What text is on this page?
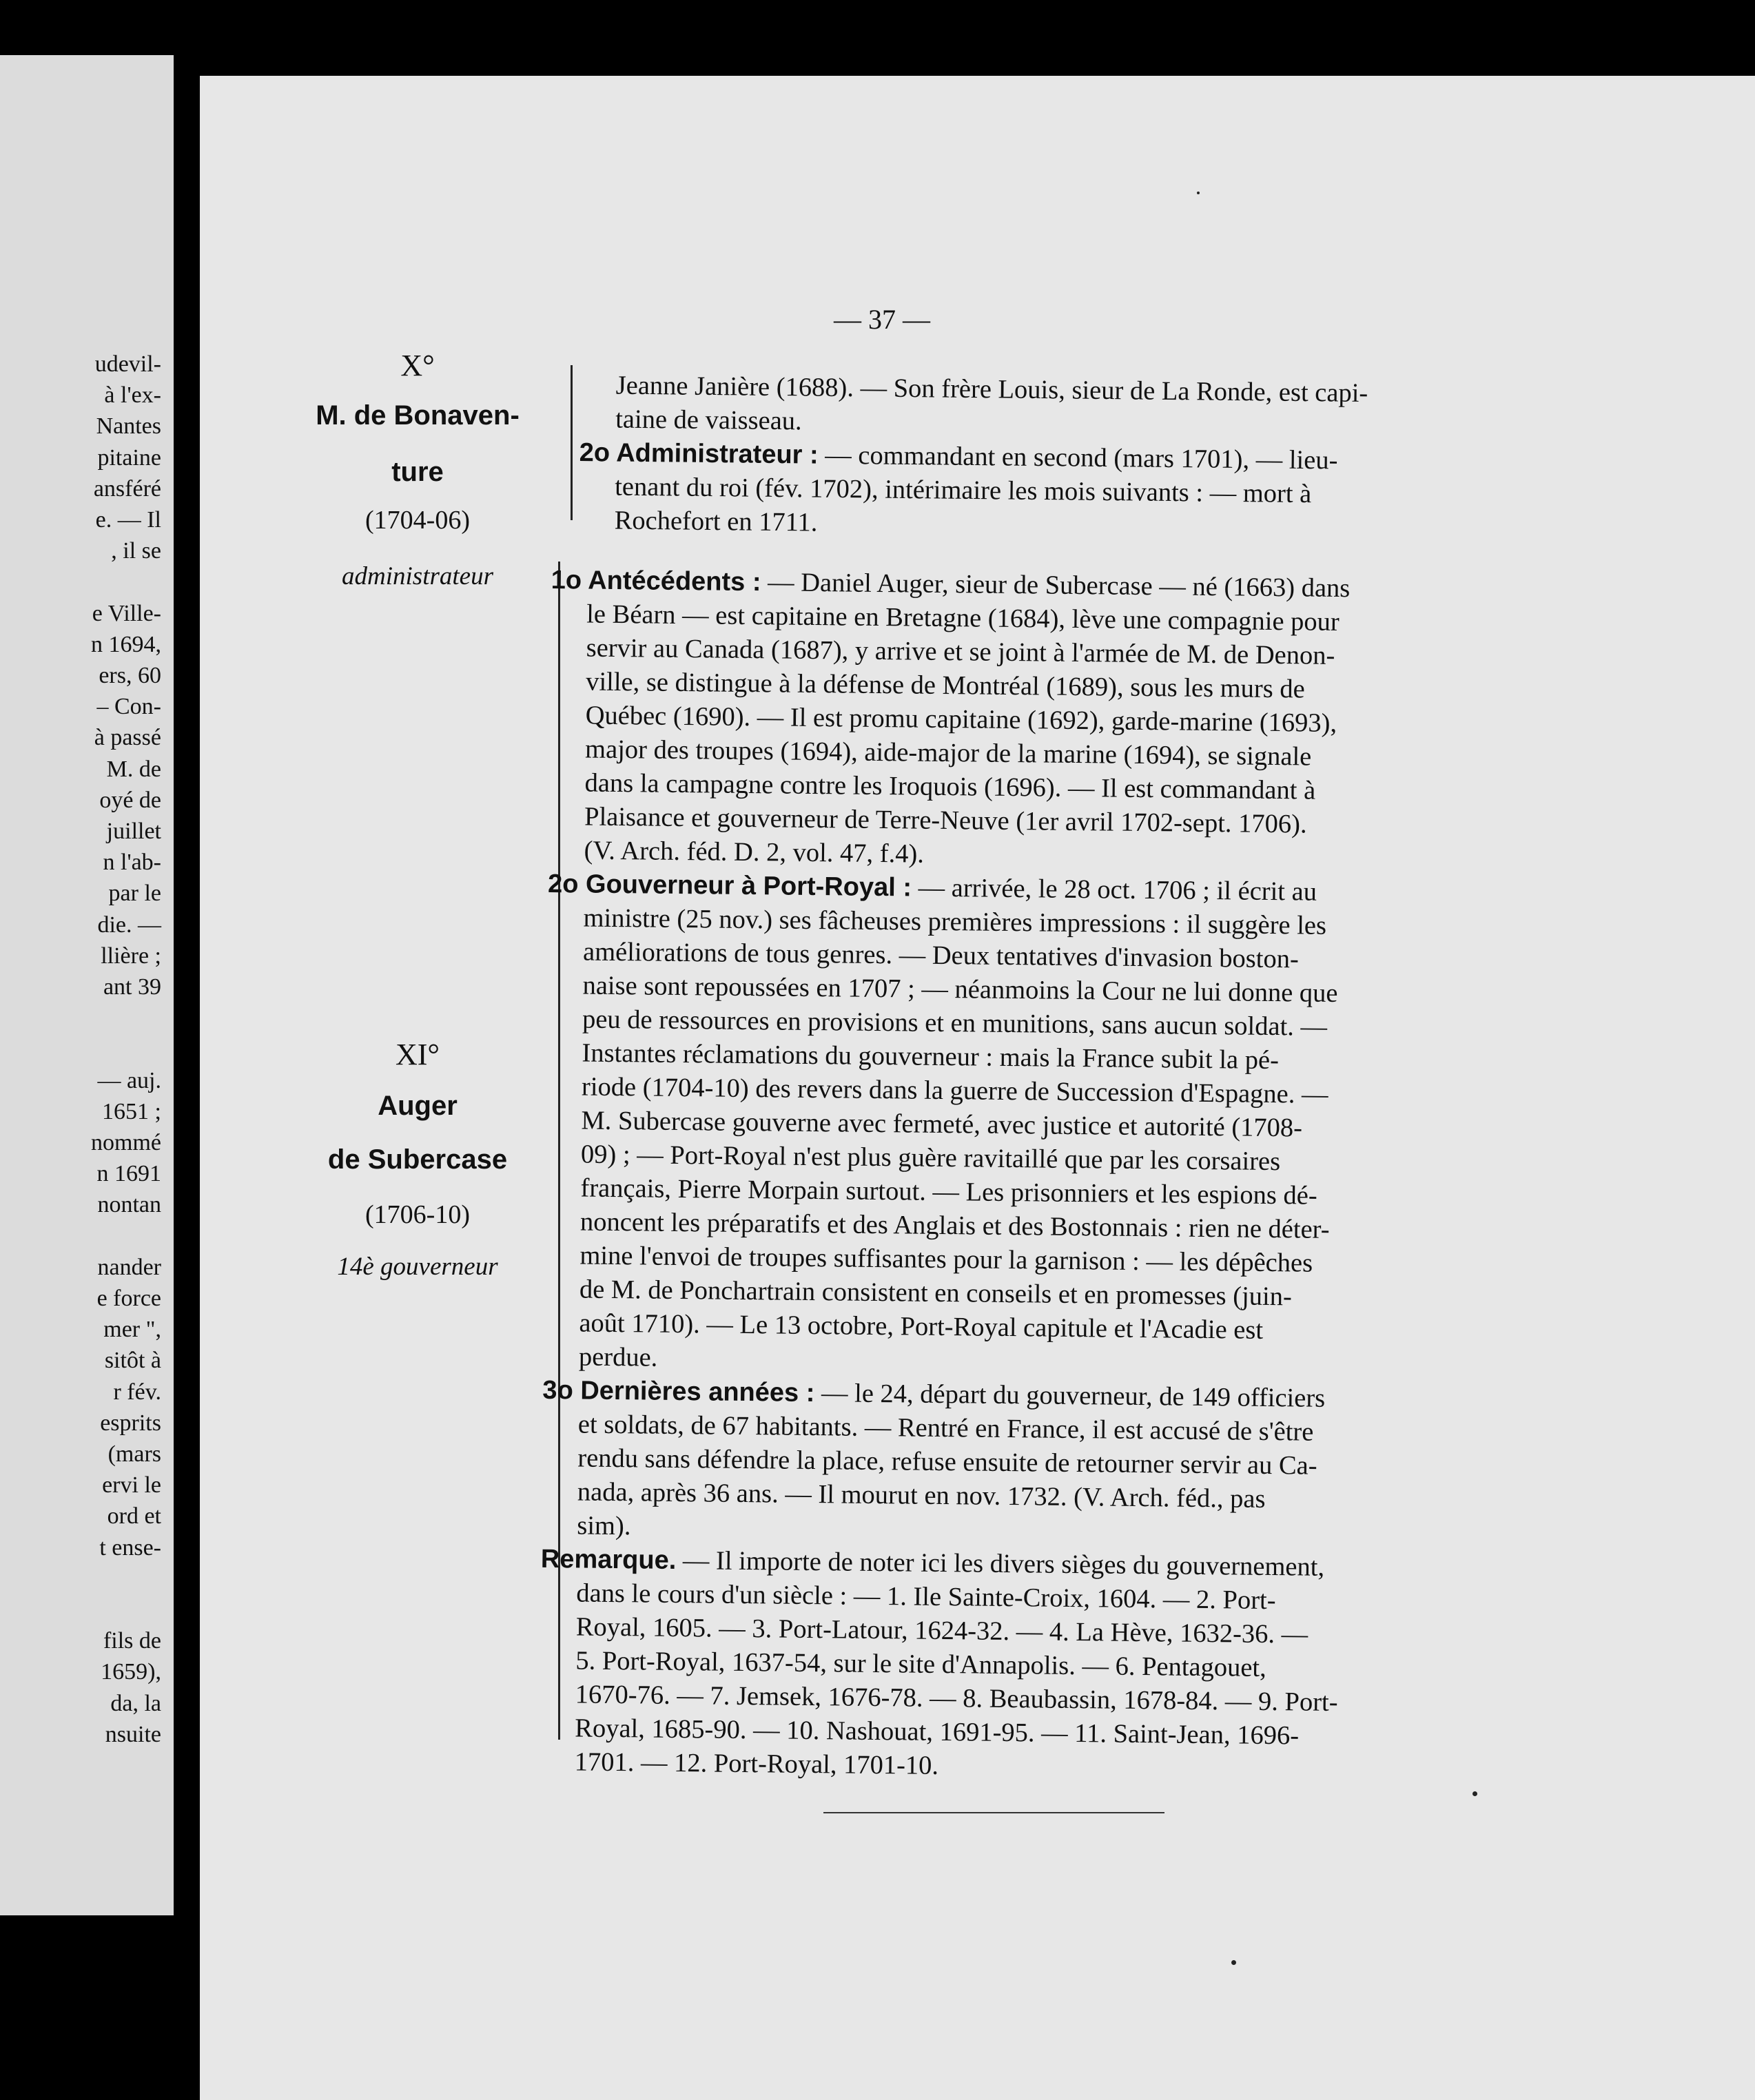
udevil-
à l'ex-
Nantes
pitaine
ansféré
e. — Il
, il se
e Ville-
n 1694,
ers, 60
– Con-
à passé
M. de
oyé de
juillet
n l'ab-
par le
die. —
llière ;
ant 39
— auj.
1651 ;
nommé
n 1691
nontan
nander
e force
mer ",
sitôt à
r fév.
esprits
(mars
ervi le
ord et
t ense-
fils de
1659),
da, la
nsuite
— 37 —
X°
M. de Bonaven-
ture
(1704-06)
administrateur
XI°
Auger
de Subercase
(1706-10)
14è gouverneur
Jeanne Janière (1688). — Son frère Louis, sieur de La Ronde, est capi-
taine de vaisseau.
2o Administrateur : — commandant en second (mars 1701), — lieu-
tenant du roi (fév. 1702), intérimaire les mois suivants : — mort à
Rochefort en 1711.
1o Antécédents : — Daniel Auger, sieur de Subercase — né (1663) dans
le Béarn — est capitaine en Bretagne (1684), lève une compagnie pour
servir au Canada (1687), y arrive et se joint à l'armée de M. de Denon-
ville, se distingue à la défense de Montréal (1689), sous les murs de
Québec (1690). — Il est promu capitaine (1692), garde-marine (1693),
major des troupes (1694), aide-major de la marine (1694), se signale
dans la campagne contre les Iroquois (1696). — Il est commandant à
Plaisance et gouverneur de Terre-Neuve (1er avril 1702-sept. 1706).
(V. Arch. féd. D. 2, vol. 47, f.4).
2o Gouverneur à Port-Royal : — arrivée, le 28 oct. 1706 ; il écrit au
ministre (25 nov.) ses fâcheuses premières impressions : il suggère les
améliorations de tous genres. — Deux tentatives d'invasion boston-
naise sont repoussées en 1707 ; — néanmoins la Cour ne lui donne que
peu de ressources en provisions et en munitions, sans aucun soldat. —
Instantes réclamations du gouverneur : mais la France subit la pé-
riode (1704-10) des revers dans la guerre de Succession d'Espagne. —
M. Subercase gouverne avec fermeté, avec justice et autorité (1708-
09) ; — Port-Royal n'est plus guère ravitaillé que par les corsaires
français, Pierre Morpain surtout. — Les prisonniers et les espions dé-
noncent les préparatifs et des Anglais et des Bostonnais : rien ne déter-
mine l'envoi de troupes suffisantes pour la garnison : — les dépêches
de M. de Ponchartrain consistent en conseils et en promesses (juin-
août 1710). — Le 13 octobre, Port-Royal capitule et l'Acadie est
perdue.
3o Dernières années : — le 24, départ du gouverneur, de 149 officiers
et soldats, de 67 habitants. — Rentré en France, il est accusé de s'être
rendu sans défendre la place, refuse ensuite de retourner servir au Ca-
nada, après 36 ans. — Il mourut en nov. 1732. (V. Arch. féd., pas
sim).
Remarque. — Il importe de noter ici les divers sièges du gouvernement,
dans le cours d'un siècle : — 1. Ile Sainte-Croix, 1604. — 2. Port-
Royal, 1605. — 3. Port-Latour, 1624-32. — 4. La Hève, 1632-36. —
5. Port-Royal, 1637-54, sur le site d'Annapolis. — 6. Pentagouet,
1670-76. — 7. Jemsek, 1676-78. — 8. Beaubassin, 1678-84. — 9. Port-
Royal, 1685-90. — 10. Nashouat, 1691-95. — 11. Saint-Jean, 1696-
1701. — 12. Port-Royal, 1701-10.
